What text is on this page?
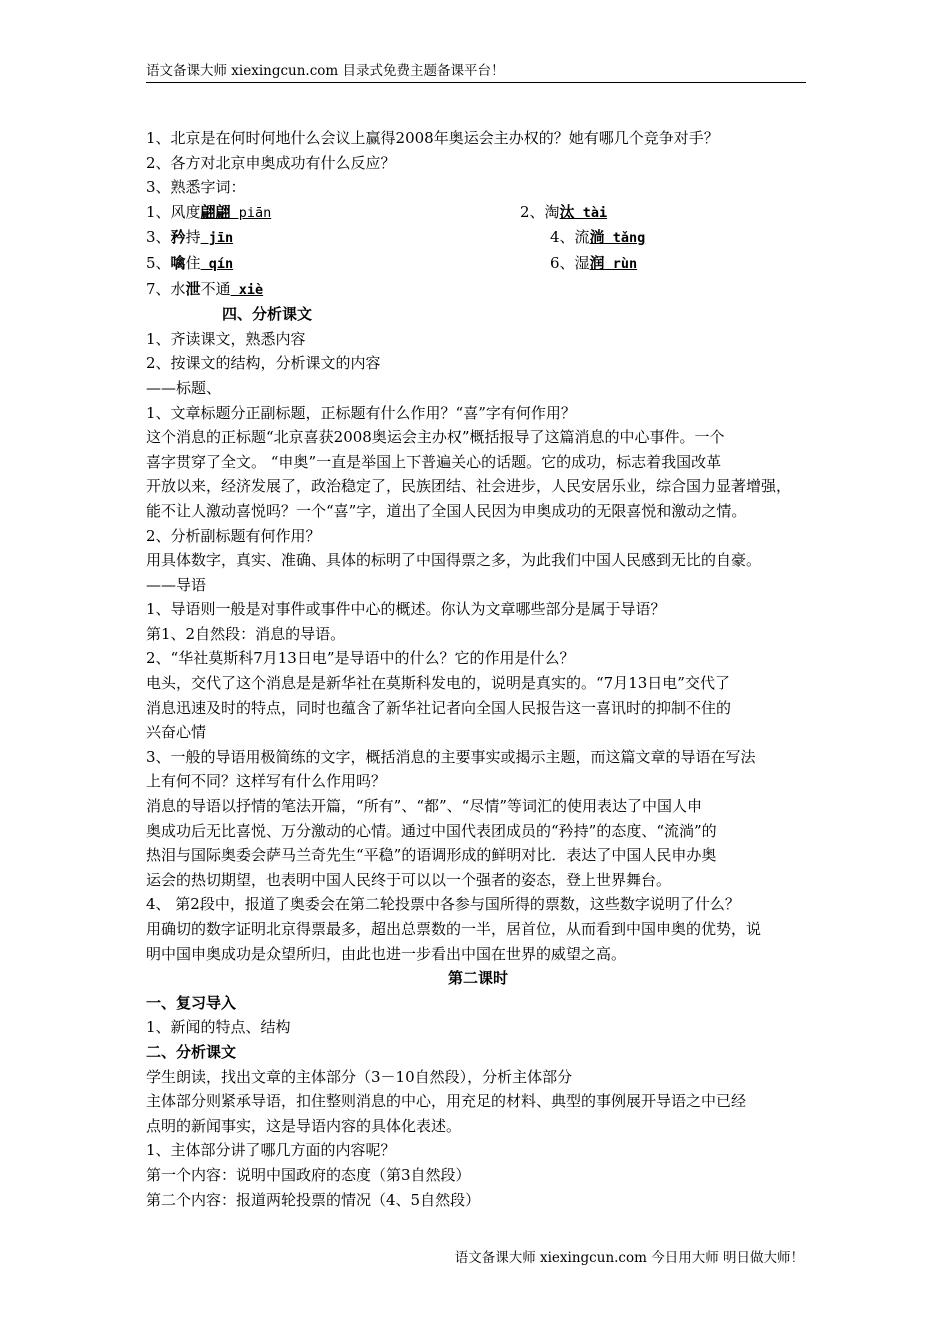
语文备课大师 xiexingcun.com 目录式免费主题备课平台！

1、北京是在何时何地什么会议上赢得2008年奥运会主办权的？她有哪几个竞争对手？

2、各方对北京申奥成功有什么反应？

3、熟悉字词：

1、风度翩翩 piān	2、淘汰 tài
3、矜持 jīn	4、流淌 tǎng
5、噙住 qín	6、湿润 rùn
7、水泄不通 xiè

四、分析课文

1、齐读课文，熟悉内容

2、按课文的结构，分析课文的内容

——标题、

1、文章标题分正副标题，正标题有什么作用？“喜”字有何作用？

这个消息的正标题“北京喜获2008奥运会主办权”概括报导了这篇消息的中心事件。一个

喜字贯穿了全文。 “申奥”一直是举国上下普遍关心的话题。它的成功，标志着我国改革

开放以来，经济发展了，政治稳定了，民族团结、社会进步，人民安居乐业，综合国力显著增强，

能不让人激动喜悦吗？一个“喜”字，道出了全国人民因为申奥成功的无限喜悦和激动之情。

2、分析副标题有何作用？

用具体数字，真实、准确、具体的标明了中国得票之多，为此我们中国人民感到无比的自豪。

——导语

1、导语则一般是对事件或事件中心的概述。你认为文章哪些部分是属于导语？

第1、2自然段：消息的导语。

2、“华社莫斯科7月13日电”是导语中的什么？它的作用是什么？

电头，交代了这个消息是是新华社在莫斯科发电的，说明是真实的。“7月13日电”交代了

消息迅速及时的特点，同时也蕴含了新华社记者向全国人民报告这一喜讯时的抑制不住的

兴奋心情

3、一般的导语用极简练的文字，概括消息的主要事实或揭示主题，而这篇文章的导语在写法

上有何不同？这样写有什么作用吗？

消息的导语以抒情的笔法开篇，“所有”、“都”、“尽情”等词汇的使用表达了中国人申

奥成功后无比喜悦、万分激动的心情。通过中国代表团成员的“矜持”的态度、“流淌”的

热泪与国际奥委会萨马兰奇先生“平稳”的语调形成的鲜明对比．表达了中国人民申办奥

运会的热切期望，也表明中国人民终于可以以一个强者的姿态，登上世界舞台。

4、 第2段中，报道了奥委会在第二轮投票中各参与国所得的票数，这些数字说明了什么？

用确切的数字证明北京得票最多，超出总票数的一半，居首位，从而看到中国申奥的优势，说

明中国申奥成功是众望所归，由此也进一步看出中国在世界的威望之高。

第二课时

一、复习导入

1、新闻的特点、结构

二、分析课文

学生朗读，找出文章的主体部分（3－10自然段），分析主体部分

主体部分则紧承导语，扣住整则消息的中心，用充足的材料、典型的事例展开导语之中已经

点明的新闻事实，这是导语内容的具体化表述。

1、主体部分讲了哪几方面的内容呢？

第一个内容：说明中国政府的态度（第3自然段）

第二个内容：报道两轮投票的情况（4、5自然段）

语文备课大师 xiexingcun.com 今日用大师 明日做大师！
